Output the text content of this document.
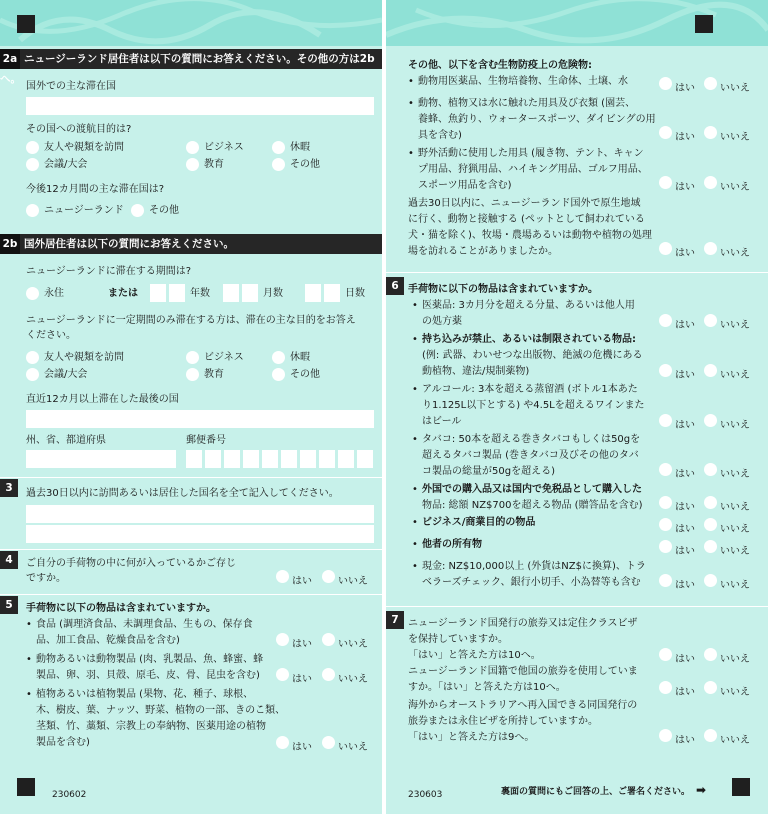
2a ニュージーランド居住者は以下の質問にお答えください。その他の方は2bへ。
国外での主な滞在国
その国への渡航目的は?
友人や親類を訪問	ビジネス	休暇
会議/大会	教育	その他
今後12カ月間の主な滞在国は?
ニュージーランド	その他
2b 国外居住者は以下の質問にお答えください。
ニュージーランドに滞在する期間は?
永住	または	年数	月数	日数
ニュージーランドに一定期間のみ滞在する方は、滞在の主な目的をお答え
ください。
友人や親類を訪問	ビジネス	休暇
会議/大会	教育	その他
直近12カ月以上滞在した最後の国
州、省、都道府県	郵便番号
3	過去30日以内に訪問あるいは居住した国名を全て記入してください。
4	ご自分の手荷物の中に何が入っているかご存じ
ですか。	はい	いいえ
5	手荷物に以下の物品は含まれていますか。
• 食品 (調理済食品、未調理食品、生もの、保存食
品、加工食品、乾燥食品を含む)	はい	いいえ
• 動物あるいは動物製品 (肉、乳製品、魚、蜂蜜、蜂
製品、卵、羽、貝殻、原毛、皮、骨、昆虫を含む)	はい	いいえ
• 植物あるいは植物製品 (果物、花、種子、球根、
木、樹皮、葉、ナッツ、野菜、植物の一部、きのこ類、
茎類、竹、藁類、宗教上の奉納物、医薬用途の植物
製品を含む)	はい	いいえ
230602
その他、以下を含む生物防疫上の危険物:
• 動物用医薬品、生物培養物、生命体、土壌、水
はい	いいえ
• 動物、植物又は水に触れた用具及び衣類 (園芸、
養蜂、魚釣り、ウォータースポーツ、ダイビングの用
具を含む)	はい	いいえ
• 野外活動に使用した用具 (履き物、テント、キャン
プ用品、狩猟用品、ハイキング用品、ゴルフ用品、
スポーツ用品を含む)	はい	いいえ
過去30日以内に、ニュージーランド国外で原生地域
に行く、動物と接触する (ペットとして飼われている
犬・猫を除く)、牧場・農場あるいは動物や植物の処理
場を訪れることがありましたか。	はい	いいえ
6 手荷物に以下の物品は含まれていますか。
• 医薬品: 3カ月分を超える分量、あるいは他人用
の処方薬	はい	いいえ
• 持ち込みが禁止、あるいは制限されている物品:
(例: 武器、わいせつな出版物、絶滅の危機にある
動植物、違法/規制薬物)	はい	いいえ
• アルコール: 3本を超える蒸留酒 (ボトル1本あた
り1.125L以下とする) や4.5Lを超えるワインまた
はビール	はい	いいえ
• タバコ: 50本を超える巻きタバコもしくは50gを
超えるタバコ製品 (巻きタバコ及びその他のタバ
コ製品の総量が50gを超える)	はい	いいえ
• 外国での購入品又は国内で免税品として購入した
物品: 総額 NZ$700を超える物品 (贈答品を含む)	はい	いいえ
• ビジネス/商業目的の物品
はい	いいえ
• 他者の所有物
はい	いいえ
• 現金: NZ$10,000以上 (外貨はNZ$に換算)、トラ
ベラーズチェック、銀行小切手、小為替等も含む	はい	いいえ
7 ニュージーランド国発行の旅券又は定住クラスビザ
を保持していますか。
「はい」と答えた方は10へ。	はい	いいえ
ニュージーランド国籍で他国の旅券を使用していま
すか。「はい」と答えた方は10へ。	はい	いいえ
海外からオーストラリアへ再入国できる同国発行の
旅券または永住ビザを所持していますか。
「はい」と答えた方は9へ。	はい	いいえ
230603	裏面の質問にもご回答の上、ご署名ください。 ➡
